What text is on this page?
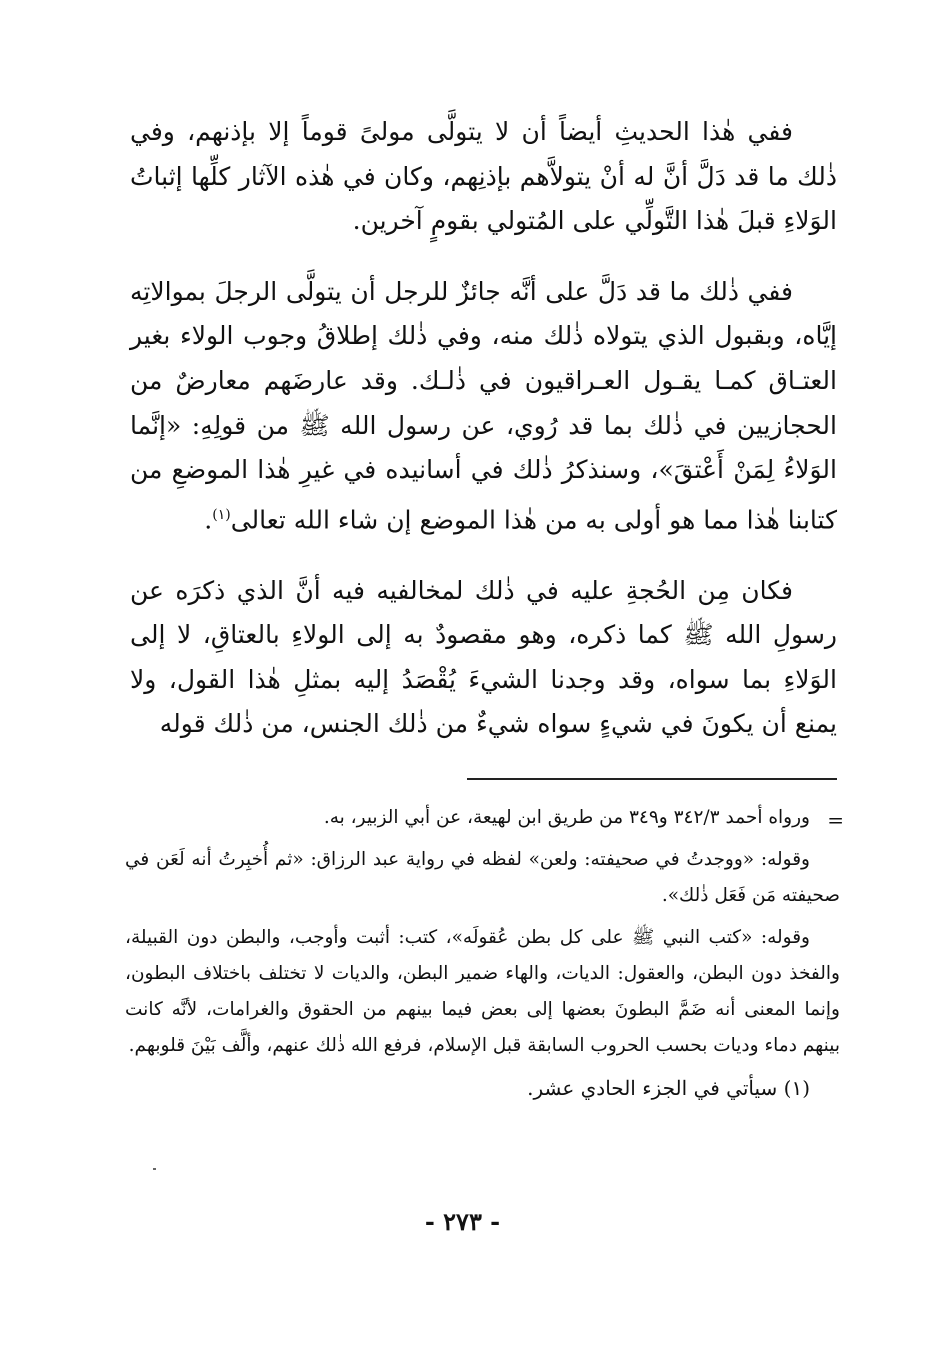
ففي هٰذا الحديثِ أيضاً أن لا يتولَّى مولىً قوماً إلا بإذنهم، وفي ذٰلك ما قد دَلَّ أنَّ له أنْ يتولاَّهم بإذنِهم، وكان في هٰذه الآثار كلِّها إثباتُ الوَلاءِ قبلَ هٰذا التَّولِّي على المُتولي بقومٍ آخرين.

ففي ذٰلك ما قد دَلَّ على أنَّه جائزٌ للرجل أن يتولَّى الرجلَ بموالاتِه إيَّاه، وبقبول الذي يتولاه ذٰلك منه، وفي ذٰلك إطلاقُ وجوب الولاء بغير العتـاق كمـا يقـول العـراقيون في ذٰلـك. وقد عارضَهم معارضٌ من الحجازيين في ذٰلك بما قد رُوي، عن رسول الله ﷺ من قولِهِ: «إنَّما الوَلاءُ لِمَنْ أَعْتقَ»، وسنذكرُ ذٰلك في أسانيده في غيرِ هٰذا الموضعِ من كتابنا هٰذا مما هو أولى به من هٰذا الموضع إن شاء الله تعالى$^{(١)}$.

فكان مِن الحُجةِ عليه في ذٰلك لمخالفيه فيه أنَّ الذي ذكرَه عن رسولِ الله ﷺ كما ذكره، وهو مقصودٌ به إلى الولاءِ بالعتاقِ، لا إلى الوَلاءِ بما سواه، وقد وجدنا الشيءَ يُقْصَدُ إليه بمثلِ هٰذا القول، ولا يمنع أن يكونَ في شيءٍ سواه شيءٌ من ذٰلك الجنس، من ذٰلك قوله

=
ورواه أحمد ٣٤٢/٣ و٣٤٩ من طريق ابن لهيعة، عن أبي الزبير، به.

وقوله: «ووجدتُ في صحيفته: ولعن» لفظه في رواية عبد الرزاق: «ثم أُخبِرتُ أنه لَعَن في صحيفته مَن فَعَل ذٰلك».

وقوله: «كتب النبي ﷺ على كل بطن عُقولَه»، كتب: أثبت وأوجب، والبطن دون القبيلة، والفخذ دون البطن، والعقول: الديات، والهاء ضمير البطن، والديات لا تختلف باختلاف البطون، وإنما المعنى أنه ضَمَّ البطونَ بعضها إلى بعض فيما بينهم من الحقوق والغرامات، لأنَّه كانت بينهم دماء وديات بحسب الحروب السابقة قبل الإسلام، فرفع الله ذٰلك عنهم، وألَّف بَيْنَ قلوبهم.

(١) سيأتي في الجزء الحادي عشر.

- ٢٧٣ -
